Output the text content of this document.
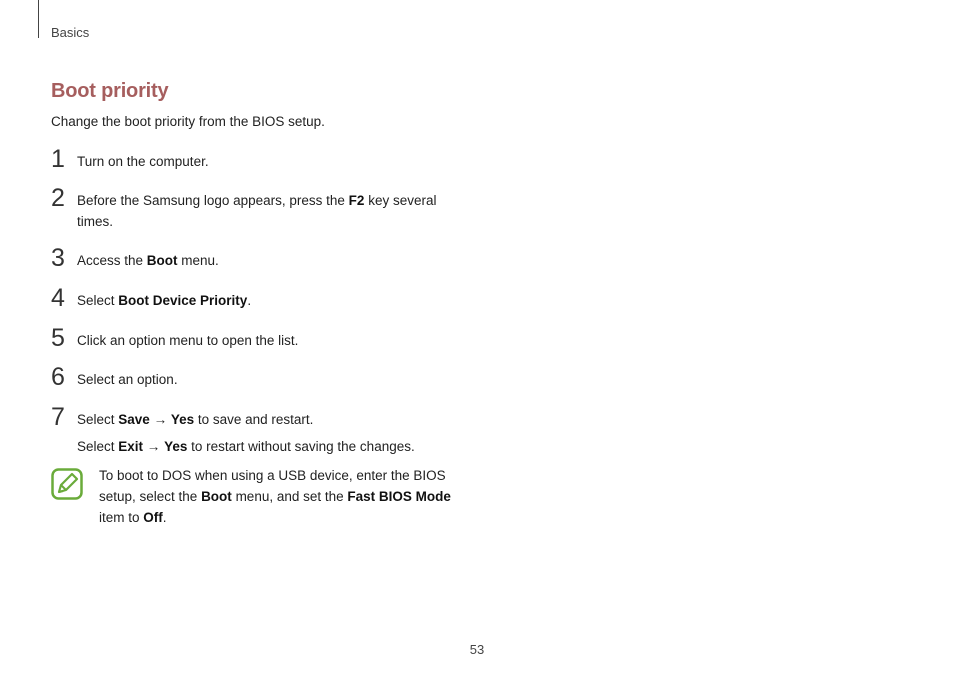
Basics
Boot priority
Change the boot priority from the BIOS setup.
1 Turn on the computer.
2 Before the Samsung logo appears, press the F2 key several
times.
3 Access the Boot menu.
4 Select Boot Device Priority.
5 Click an option menu to open the list.
6 Select an option.
7 Select Save → Yes to save and restart.
Select Exit → Yes to restart without saving the changes.
To boot to DOS when using a USB device, enter the BIOS
setup, select the Boot menu, and set the Fast BIOS Mode
item to Off.
53
